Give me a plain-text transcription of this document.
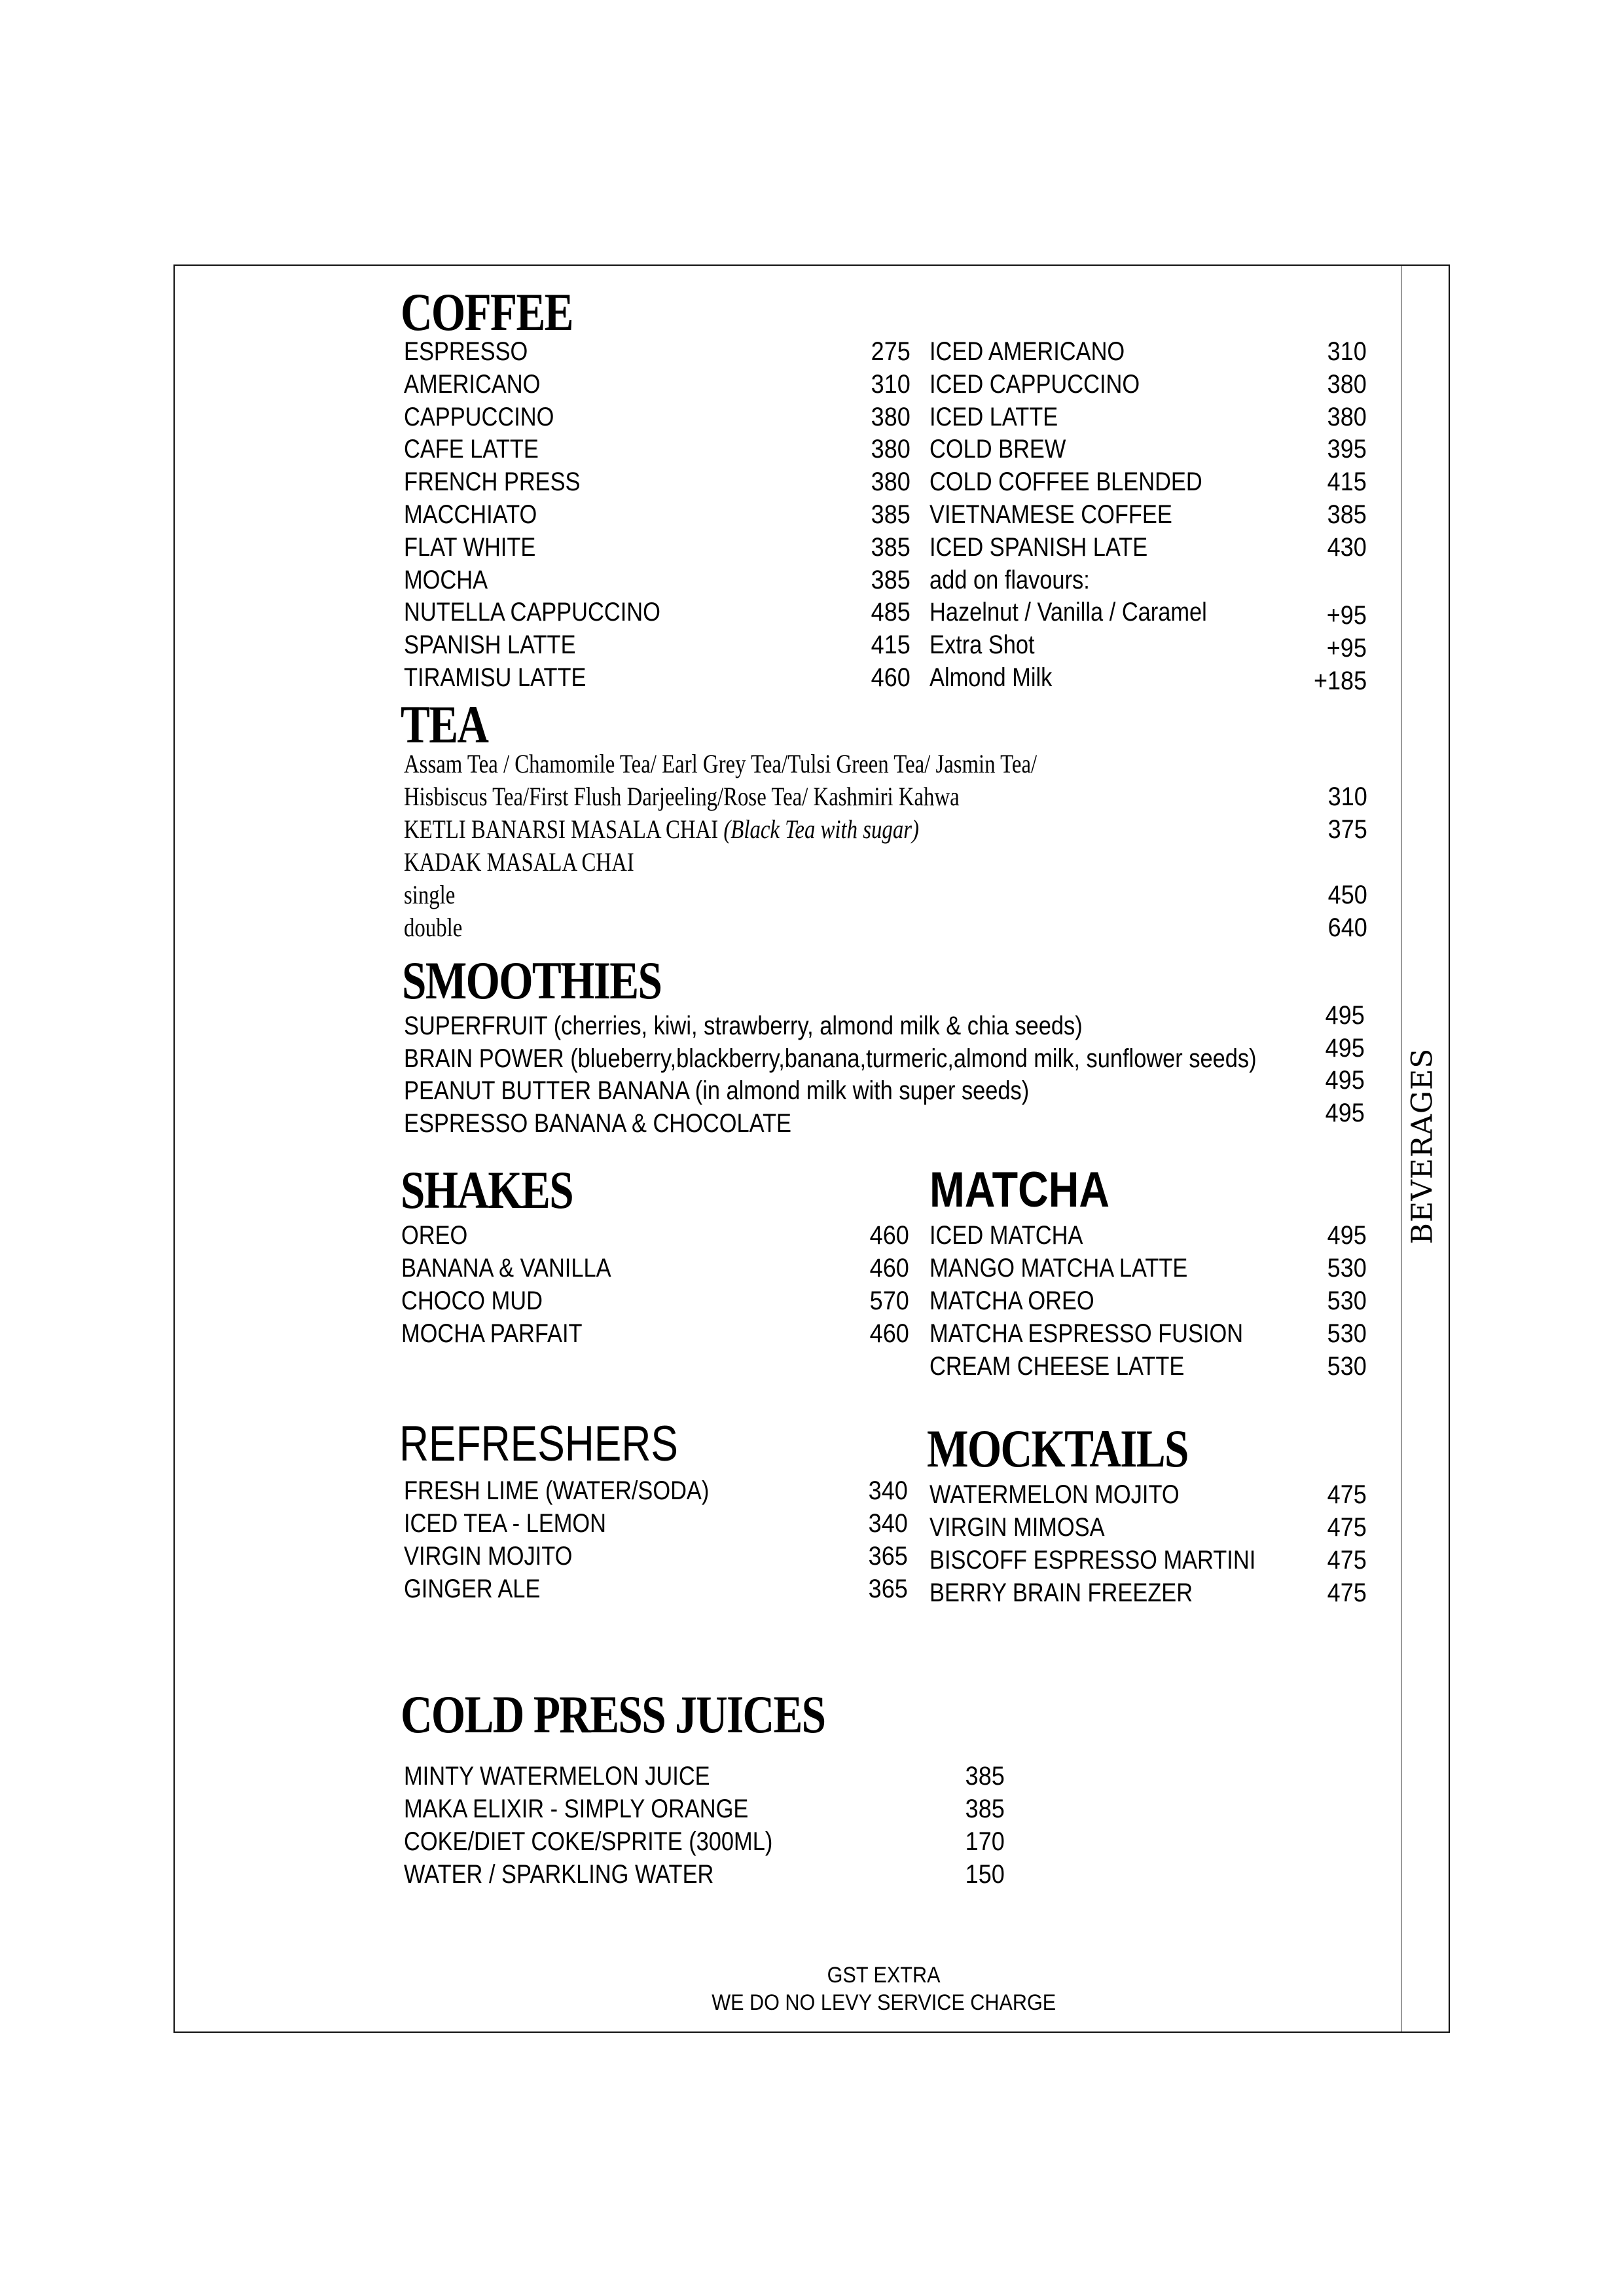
BEVERAGES
COFFEE
ESPRESSO	275
AMERICANO	310
CAPPUCCINO	380
CAFE LATTE	380
FRENCH PRESS	380
MACCHIATO	385
FLAT WHITE	385
MOCHA	385
NUTELLA CAPPUCCINO	485
SPANISH LATTE	415
TIRAMISU LATTE	460
ICED AMERICANO	310
ICED CAPPUCCINO	380
ICED LATTE	380
COLD BREW	395
COLD COFFEE BLENDED	415
VIETNAMESE COFFEE	385
ICED SPANISH LATE	430
add on flavours:
Hazelnut / Vanilla / Caramel	+95
Extra Shot	+95
Almond Milk	+185
TEA
Assam Tea / Chamomile Tea/ Earl Grey Tea/Tulsi Green Tea/ Jasmin Tea/
Hisbiscus Tea/First Flush Darjeeling/Rose Tea/ Kashmiri Kahwa	310
KETLI BANARSI MASALA CHAI (Black Tea with sugar)	375
KADAK MASALA CHAI
single	450
double	640
SMOOTHIES
SUPERFRUIT (cherries, kiwi, strawberry, almond milk & chia seeds)	495
BRAIN POWER (blueberry,blackberry,banana,turmeric,almond milk, sunflower seeds)	495
PEANUT BUTTER BANANA (in almond milk with super seeds)	495
ESPRESSO BANANA & CHOCOLATE	495
SHAKES	MATCHA
OREO	460
BANANA & VANILLA	460
CHOCO MUD	570
MOCHA PARFAIT	460
ICED MATCHA	495
MANGO MATCHA LATTE	530
MATCHA OREO	530
MATCHA ESPRESSO FUSION	530
CREAM CHEESE LATTE	530
REFRESHERS	MOCKTAILS
FRESH LIME (WATER/SODA)	340
ICED TEA - LEMON	340
VIRGIN MOJITO	365
GINGER ALE	365
WATERMELON MOJITO	475
VIRGIN MIMOSA	475
BISCOFF ESPRESSO MARTINI	475
BERRY BRAIN FREEZER	475
COLD PRESS JUICES
MINTY WATERMELON JUICE	385
MAKA ELIXIR - SIMPLY ORANGE	385
COKE/DIET COKE/SPRITE (300ML)	170
WATER / SPARKLING WATER	150
GST EXTRA
WE DO NO LEVY SERVICE CHARGE
